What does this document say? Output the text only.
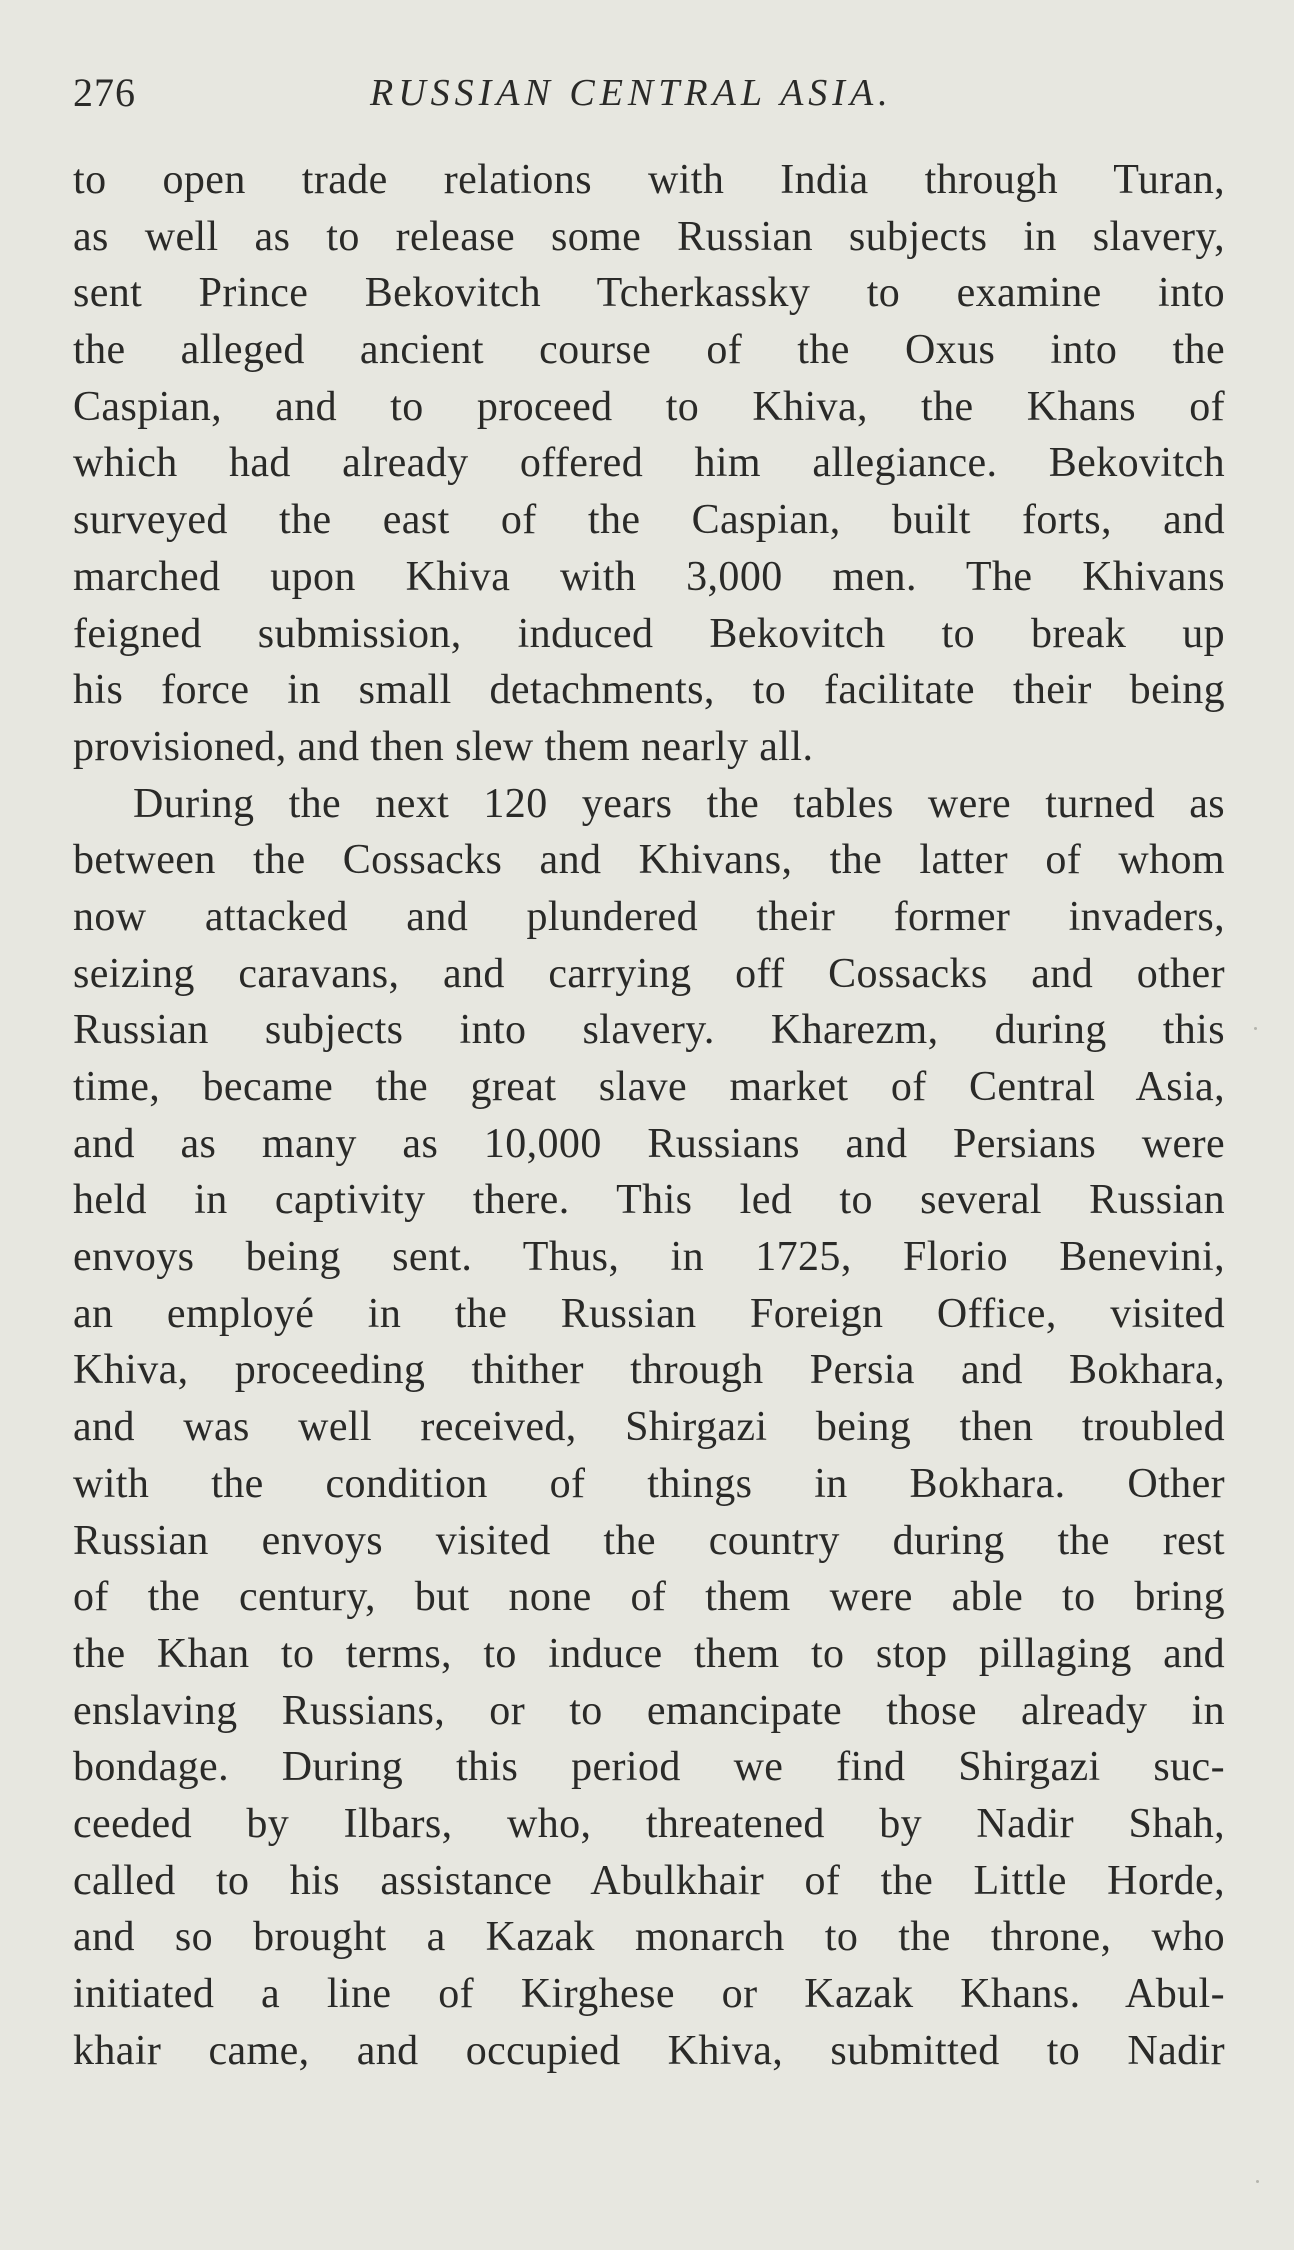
276	RUSSIAN CENTRAL ASIA.
to open trade relations with India through Turan,
as well as to release some Russian subjects in slavery,
sent Prince Bekovitch Tcherkassky to examine into
the alleged ancient course of the Oxus into the
Caspian, and to proceed to Khiva, the Khans of
which had already offered him allegiance. Bekovitch
surveyed the east of the Caspian, built forts, and
marched upon Khiva with 3,000 men. The Khivans
feigned submission, induced Bekovitch to break up
his force in small detachments, to facilitate their being
provisioned, and then slew them nearly all.
During the next 120 years the tables were turned as
between the Cossacks and Khivans, the latter of whom
now attacked and plundered their former invaders,
seizing caravans, and carrying off Cossacks and other
Russian subjects into slavery. Kharezm, during this
time, became the great slave market of Central Asia,
and as many as 10,000 Russians and Persians were
held in captivity there. This led to several Russian
envoys being sent. Thus, in 1725, Florio Benevini,
an employé in the Russian Foreign Office, visited
Khiva, proceeding thither through Persia and Bokhara,
and was well received, Shirgazi being then troubled
with the condition of things in Bokhara. Other
Russian envoys visited the country during the rest
of the century, but none of them were able to bring
the Khan to terms, to induce them to stop pillaging and
enslaving Russians, or to emancipate those already in
bondage. During this period we find Shirgazi suc-
ceeded by Ilbars, who, threatened by Nadir Shah,
called to his assistance Abulkhair of the Little Horde,
and so brought a Kazak monarch to the throne, who
initiated a line of Kirghese or Kazak Khans. Abul-
khair came, and occupied Khiva, submitted to Nadir
